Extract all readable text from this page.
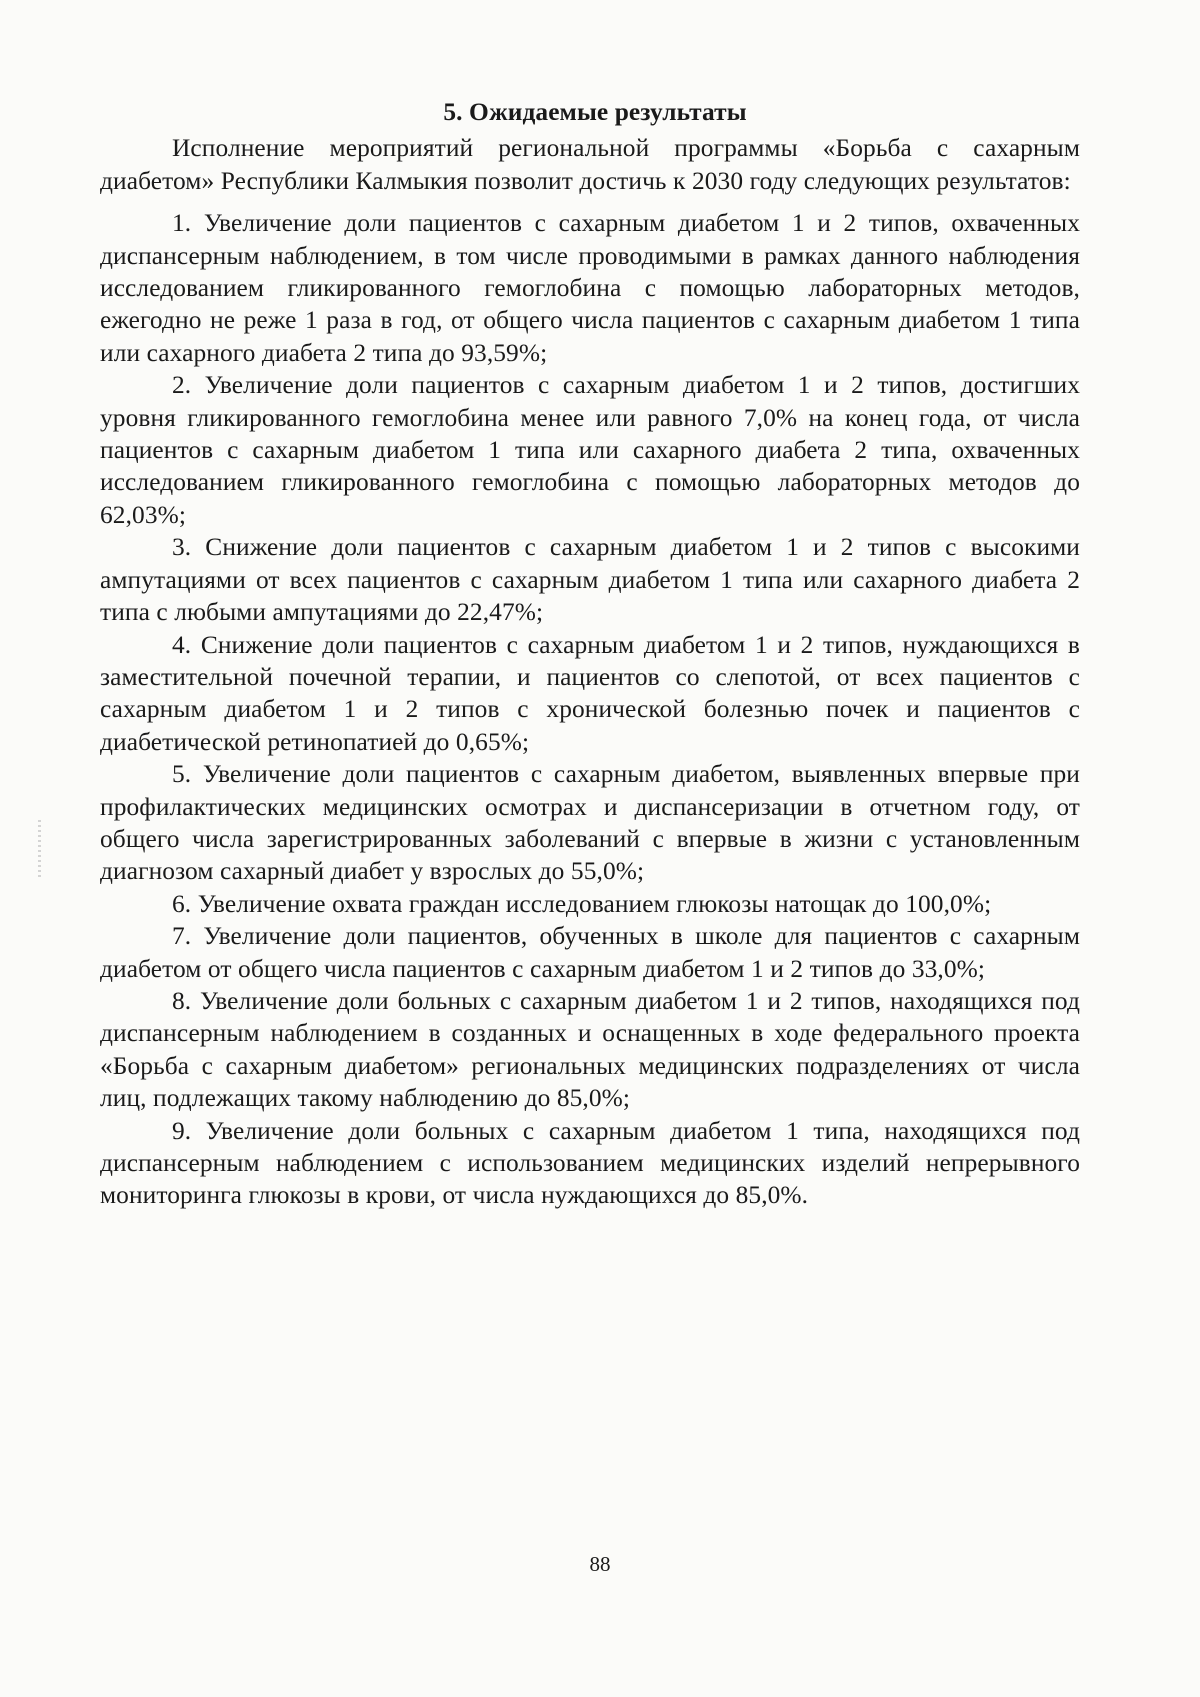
5. Ожидаемые результаты

Исполнение мероприятий региональной программы «Борьба с сахарным диабетом» Республики Калмыкия позволит достичь к 2030 году следующих результатов:

1. Увеличение доли пациентов с сахарным диабетом 1 и 2 типов, охваченных диспансерным наблюдением, в том числе проводимыми в рамках данного наблюдения исследованием гликированного гемоглобина с помощью лабораторных методов, ежегодно не реже 1 раза в год, от общего числа пациентов с сахарным диабетом 1 типа или сахарного диабета 2 типа до 93,59%;

2. Увеличение доли пациентов с сахарным диабетом 1 и 2 типов, достигших уровня гликированного гемоглобина менее или равного 7,0% на конец года, от числа пациентов с сахарным диабетом 1 типа или сахарного диабета 2 типа, охваченных исследованием гликированного гемоглобина с помощью лабораторных методов до 62,03%;

3. Снижение доли пациентов с сахарным диабетом 1 и 2 типов с высокими ампутациями от всех пациентов с сахарным диабетом 1 типа или сахарного диабета 2 типа с любыми ампутациями до 22,47%;

4. Снижение доли пациентов с сахарным диабетом 1 и 2 типов, нуждающихся в заместительной почечной терапии, и пациентов со слепотой, от всех пациентов с сахарным диабетом 1 и 2 типов с хронической болезнью почек и пациентов с диабетической ретинопатией до 0,65%;

5. Увеличение доли пациентов с сахарным диабетом, выявленных впервые при профилактических медицинских осмотрах и диспансеризации в отчетном году, от общего числа зарегистрированных заболеваний с впервые в жизни с установленным диагнозом сахарный диабет у взрослых до 55,0%;

6. Увеличение охвата граждан исследованием глюкозы натощак до 100,0%;

7. Увеличение доли пациентов, обученных в школе для пациентов с сахарным диабетом от общего числа пациентов с сахарным диабетом 1 и 2 типов до 33,0%;

8. Увеличение доли больных с сахарным диабетом 1 и 2 типов, находящихся под диспансерным наблюдением в созданных и оснащенных в ходе федерального проекта «Борьба с сахарным диабетом» региональных медицинских подразделениях от числа лиц, подлежащих такому наблюдению до 85,0%;

9. Увеличение доли больных с сахарным диабетом 1 типа, находящихся под диспансерным наблюдением с использованием медицинских изделий непрерывного мониторинга глюкозы в крови, от числа нуждающихся до 85,0%.

88
